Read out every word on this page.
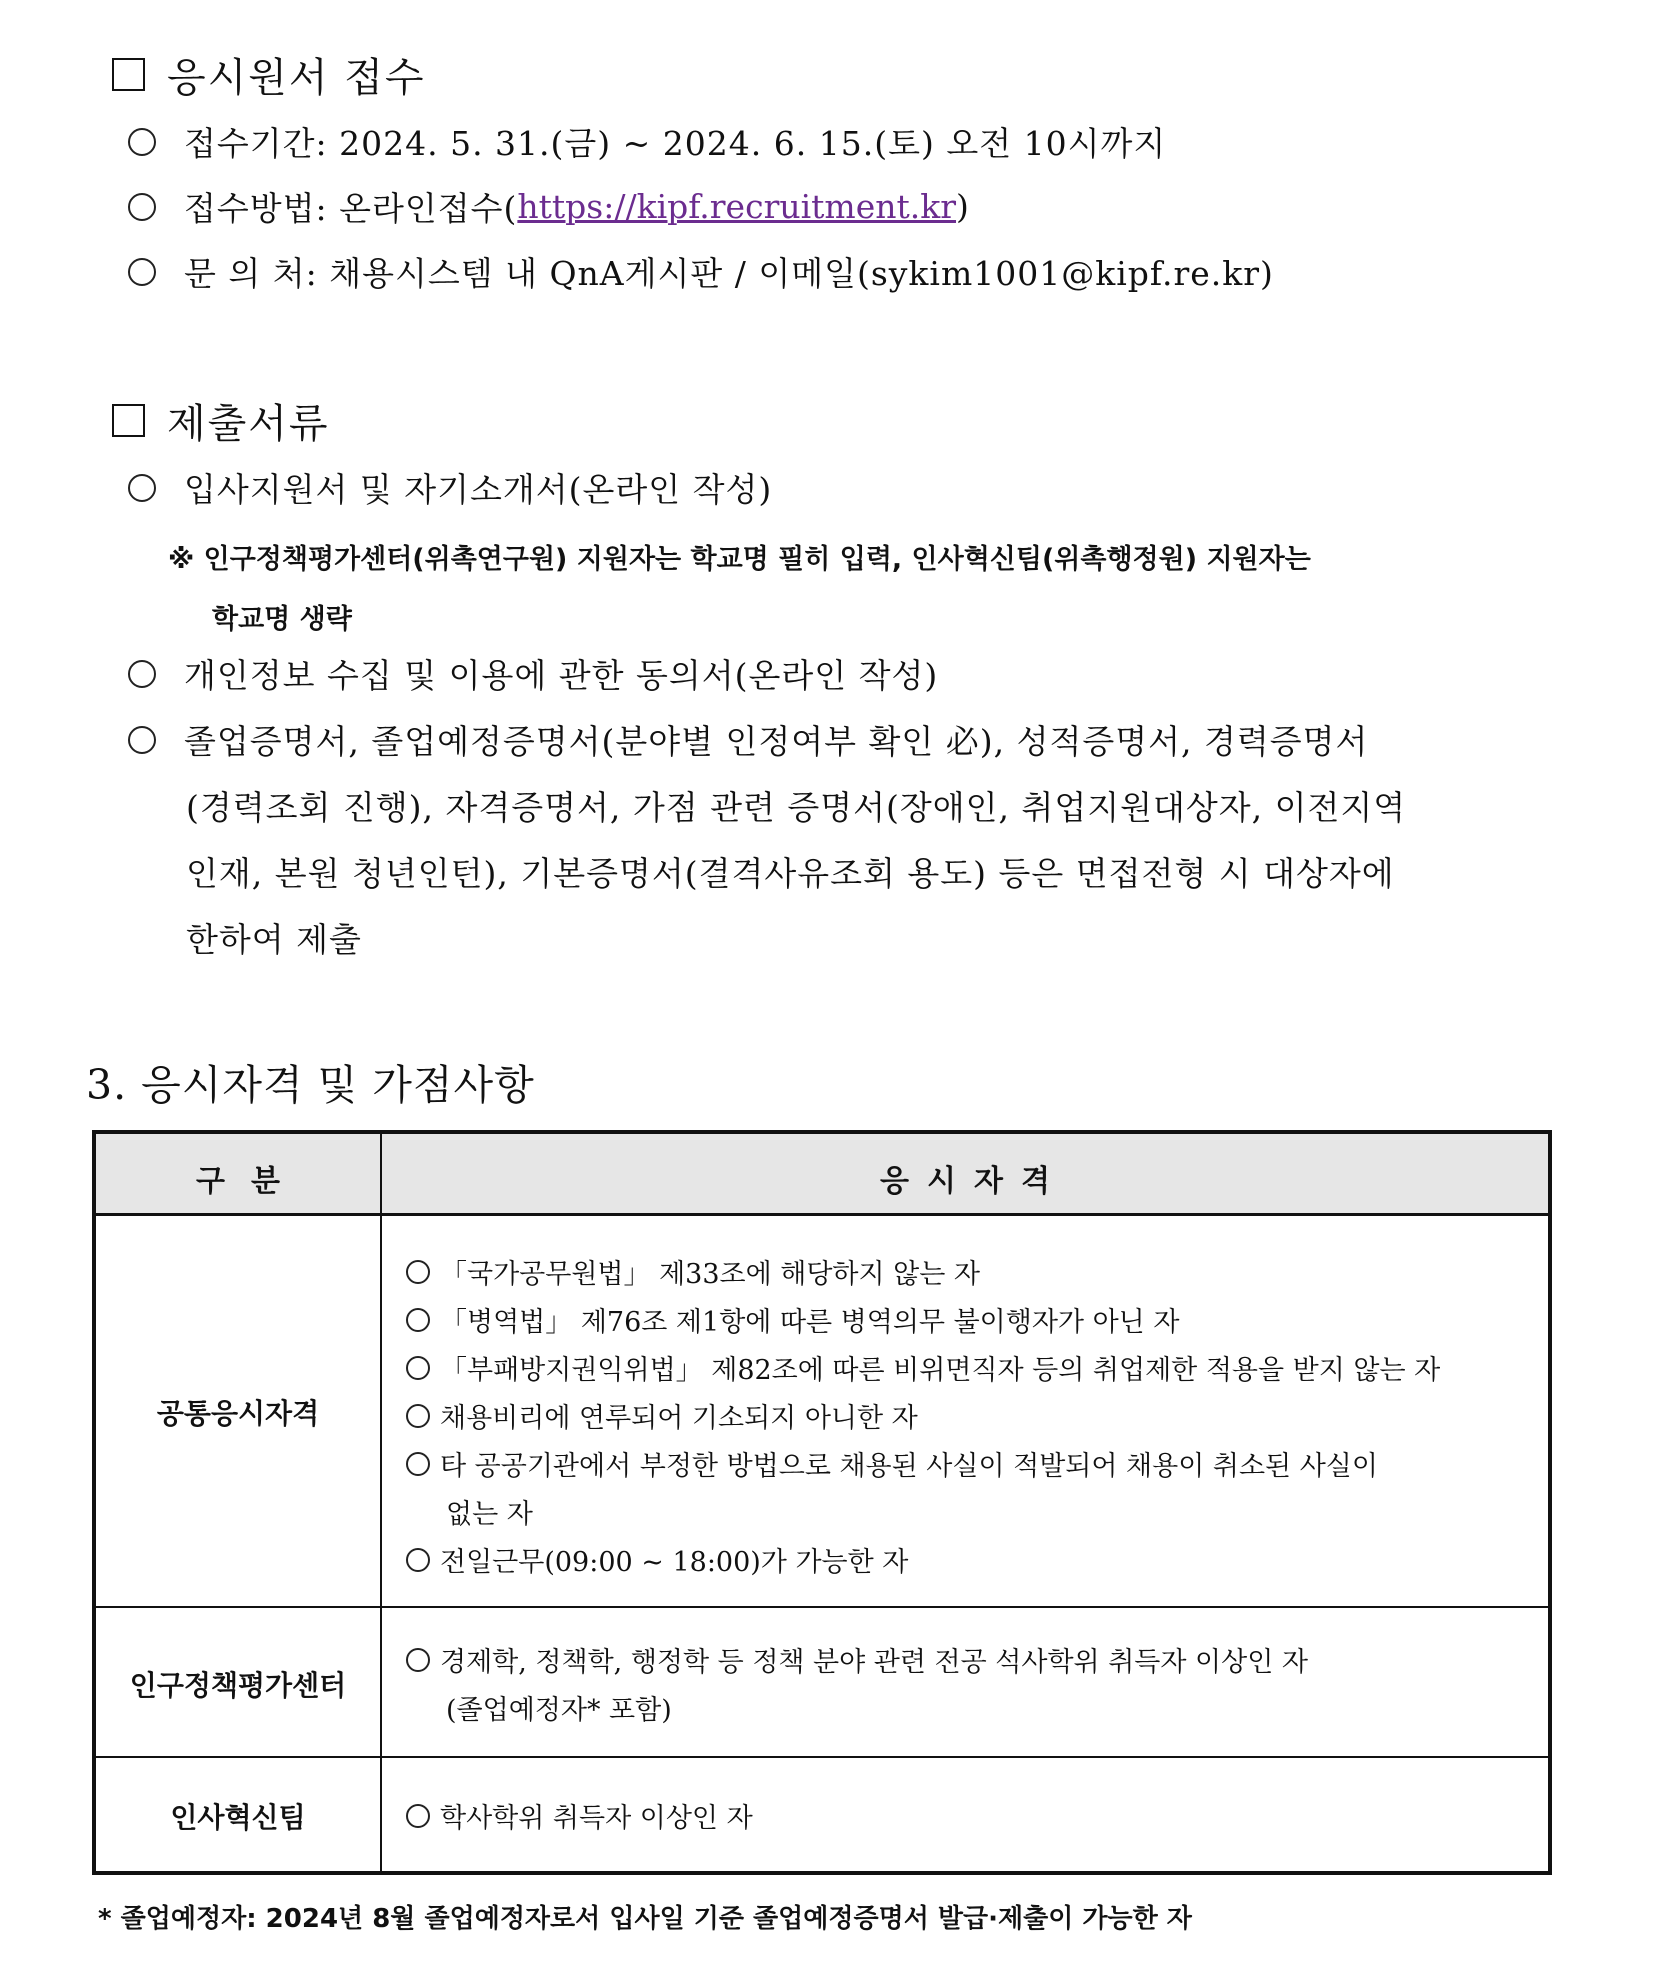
응시원서 접수
접수기간: 2024. 5. 31.(금) ~ 2024. 6. 15.(토) 오전 10시까지
접수방법: 온라인접수( https://kipf.recruitment.kr )
문 의 처: 채용시스템 내 QnA게시판 / 이메일(sykim1001@kipf.re.kr)
제출서류
입사지원서 및 자기소개서(온라인 작성)
※ 인구정책평가센터(위촉연구원) 지원자는 학교명 필히 입력, 인사혁신팀(위촉행정원) 지원자는
학교명 생략
개인정보 수집 및 이용에 관한 동의서(온라인 작성)
졸업증명서, 졸업예정증명서(분야별 인정여부 확인 必), 성적증명서, 경력증명서
(경력조회 진행), 자격증명서, 가점 관련 증명서(장애인, 취업지원대상자, 이전지역
인재, 본원 청년인턴), 기본증명서(결격사유조회 용도) 등은 면접전형 시 대상자에
한하여 제출
3. 응시자격 및 가점사항
구분	응시자격
공통응시자격
「국가공무원법」 제33조에 해당하지 않는 자
「병역법」 제76조 제1항에 따른 병역의무 불이행자가 아닌 자
「부패방지권익위법」 제82조에 따른 비위면직자 등의 취업제한 적용을 받지 않는 자
채용비리에 연루되어 기소되지 아니한 자
타 공공기관에서 부정한 방법으로 채용된 사실이 적발되어 채용이 취소된 사실이
없는 자
전일근무(09:00 ~ 18:00)가 가능한 자
인구정책평가센터
경제학, 정책학, 행정학 등 정책 분야 관련 전공 석사학위 취득자 이상인 자
(졸업예정자* 포함)
인사혁신팀	학사학위 취득자 이상인 자
* 졸업예정자: 2024년 8월 졸업예정자로서 입사일 기준 졸업예정증명서 발급·제출이 가능한 자
